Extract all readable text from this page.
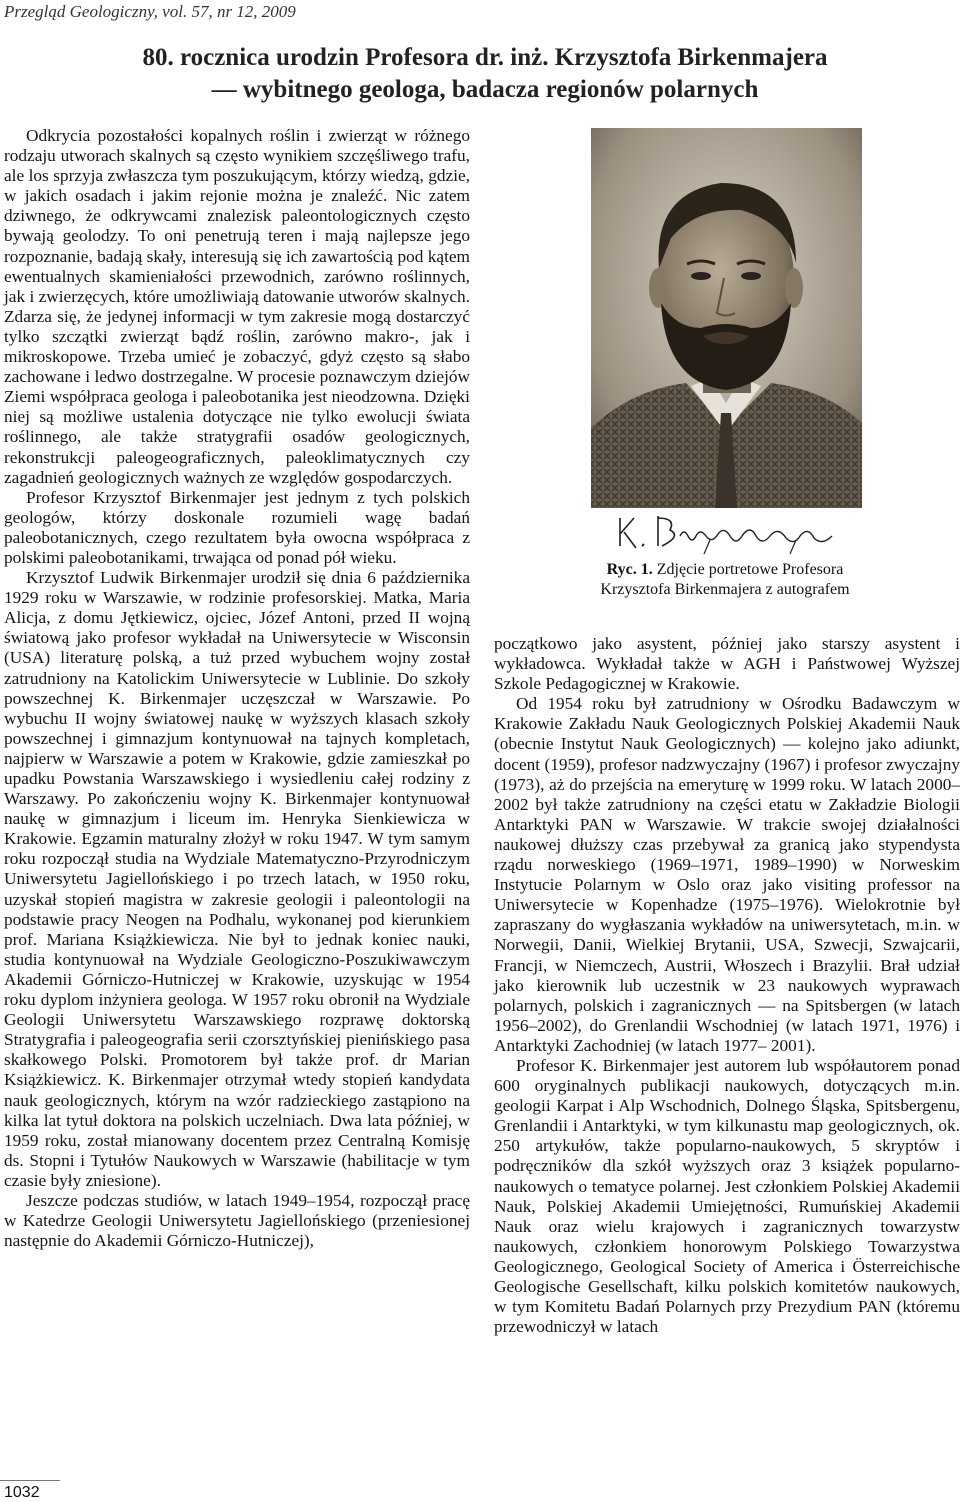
Przegląd Geologiczny, vol. 57, nr 12, 2009
80. rocznica urodzin Profesora dr. inż. Krzysztofa Birkenmajera
— wybitnego geologa, badacza regionów polarnych

Odkrycia pozostałości kopalnych roślin i zwierząt w różnego rodzaju utworach skalnych są często wynikiem szczęśliwego trafu, ale los sprzyja zwłaszcza tym poszukującym, którzy wiedzą, gdzie, w jakich osadach i jakim rejonie można je znaleźć. Nic zatem dziwnego, że odkrywcami znalezisk paleontologicznych często bywają geolodzy. To oni penetrują teren i mają najlepsze jego rozpoznanie, badają skały, interesują się ich zawartością pod kątem ewentualnych skamieniałości przewodnich, zarówno roślinnych, jak i zwierzęcych, które umożliwiają datowanie utworów skalnych. Zdarza się, że jedynej informacji w tym zakresie mogą dostarczyć tylko szczątki zwierząt bądź roślin, zarówno makro-, jak i mikroskopowe. Trzeba umieć je zobaczyć, gdyż często są słabo zachowane i ledwo dostrzegalne. W procesie poznawczym dziejów Ziemi współpraca geologa i paleobotanika jest nieodzowna. Dzięki niej są możliwe ustalenia dotyczące nie tylko ewolucji świata roślinnego, ale także stratygrafii osadów geologicznych, rekonstrukcji paleogeograficznych, paleoklimatycznych czy zagadnień geologicznych ważnych ze względów gospodarczych.

Profesor Krzysztof Birkenmajer jest jednym z tych polskich geologów, którzy doskonale rozumieli wagę badań paleobotanicznych, czego rezultatem była owocna współpraca z polskimi paleobotanikami, trwająca od ponad pół wieku.

Krzysztof Ludwik Birkenmajer urodził się dnia 6 października 1929 roku w Warszawie, w rodzinie profesorskiej. Matka, Maria Alicja, z domu Jętkiewicz, ojciec, Józef Antoni, przed II wojną światową jako profesor wykładał na Uniwersytecie w Wisconsin (USA) literaturę polską, a tuż przed wybuchem wojny został zatrudniony na Katolickim Uniwersytecie w Lublinie. Do szkoły powszechnej K. Birkenmajer uczęszczał w Warszawie. Po wybuchu II wojny światowej naukę w wyższych klasach szkoły powszechnej i gimnazjum kontynuował na tajnych kompletach, najpierw w Warszawie a potem w Krakowie, gdzie zamieszkał po upadku Powstania Warszawskiego i wysiedleniu całej rodziny z Warszawy. Po zakończeniu wojny K. Birkenmajer kontynuował naukę w gimnazjum i liceum im. Henryka Sienkiewicza w Krakowie. Egzamin maturalny złożył w roku 1947. W tym samym roku rozpoczął studia na Wydziale Matematyczno-Przyrodniczym Uniwersytetu Jagiellońskiego i po trzech latach, w 1950 roku, uzyskał stopień magistra w zakresie geologii i paleontologii na podstawie pracy Neogen na Podhalu, wykonanej pod kierunkiem prof. Mariana Książkiewicza. Nie był to jednak koniec nauki, studia kontynuował na Wydziale Geologiczno-Poszukiwawczym Akademii Górniczo-Hutniczej w Krakowie, uzyskując w 1954 roku dyplom inżyniera geologa. W 1957 roku obronił na Wydziale Geologii Uniwersytetu Warszawskiego rozprawę doktorską Stratygrafia i paleogeografia serii czorsztyńskiej pienińskiego pasa skałkowego Polski. Promotorem był także prof. dr Marian Książkiewicz. K. Birkenmajer otrzymał wtedy stopień kandydata nauk geologicznych, którym na wzór radzieckiego zastąpiono na kilka lat tytuł doktora na polskich uczelniach. Dwa lata później, w 1959 roku, został mianowany docentem przez Centralną Komisję ds. Stopni i Tytułów Naukowych w Warszawie (habilitacje w tym czasie były zniesione).

Jeszcze podczas studiów, w latach 1949–1954, rozpoczął pracę w Katedrze Geologii Uniwersytetu Jagiellońskiego (przeniesionej następnie do Akademii Górniczo-Hutniczej),

Ryc. 1. Zdjęcie portretowe Profesora Krzysztofa Birkenmajera z autografem

początkowo jako asystent, później jako starszy asystent i wykładowca. Wykładał także w AGH i Państwowej Wyższej Szkole Pedagogicznej w Krakowie.

Od 1954 roku był zatrudniony w Ośrodku Badawczym w Krakowie Zakładu Nauk Geologicznych Polskiej Akademii Nauk (obecnie Instytut Nauk Geologicznych) — kolejno jako adiunkt, docent (1959), profesor nadzwyczajny (1967) i profesor zwyczajny (1973), aż do przejścia na emeryturę w 1999 roku. W latach 2000–2002 był także zatrudniony na części etatu w Zakładzie Biologii Antarktyki PAN w Warszawie. W trakcie swojej działalności naukowej dłuższy czas przebywał za granicą jako stypendysta rządu norweskiego (1969–1971, 1989–1990) w Norweskim Instytucie Polarnym w Oslo oraz jako visiting professor na Uniwersytecie w Kopenhadze (1975–1976). Wielokrotnie był zapraszany do wygłaszania wykładów na uniwersytetach, m.in. w Norwegii, Danii, Wielkiej Brytanii, USA, Szwecji, Szwajcarii, Francji, w Niemczech, Austrii, Włoszech i Brazylii. Brał udział jako kierownik lub uczestnik w 23 naukowych wyprawach polarnych, polskich i zagranicznych — na Spitsbergen (w latach 1956–2002), do Grenlandii Wschodniej (w latach 1971, 1976) i Antarktyki Zachodniej (w latach 1977– 2001).

Profesor K. Birkenmajer jest autorem lub współautorem ponad 600 oryginalnych publikacji naukowych, dotyczących m.in. geologii Karpat i Alp Wschodnich, Dolnego Śląska, Spitsbergenu, Grenlandii i Antarktyki, w tym kilkunastu map geologicznych, ok. 250 artykułów, także popularno-naukowych, 5 skryptów i podręczników dla szkół wyższych oraz 3 książek popularno-naukowych o tematyce polarnej. Jest członkiem Polskiej Akademii Nauk, Polskiej Akademii Umiejętności, Rumuńskiej Akademii Nauk oraz wielu krajowych i zagranicznych towarzystw naukowych, członkiem honorowym Polskiego Towarzystwa Geologicznego, Geological Society of America i Österreichische Geologische Gesellschaft, kilku polskich komitetów naukowych, w tym Komitetu Badań Polarnych przy Prezydium PAN (któremu przewodniczył w latach

1032
